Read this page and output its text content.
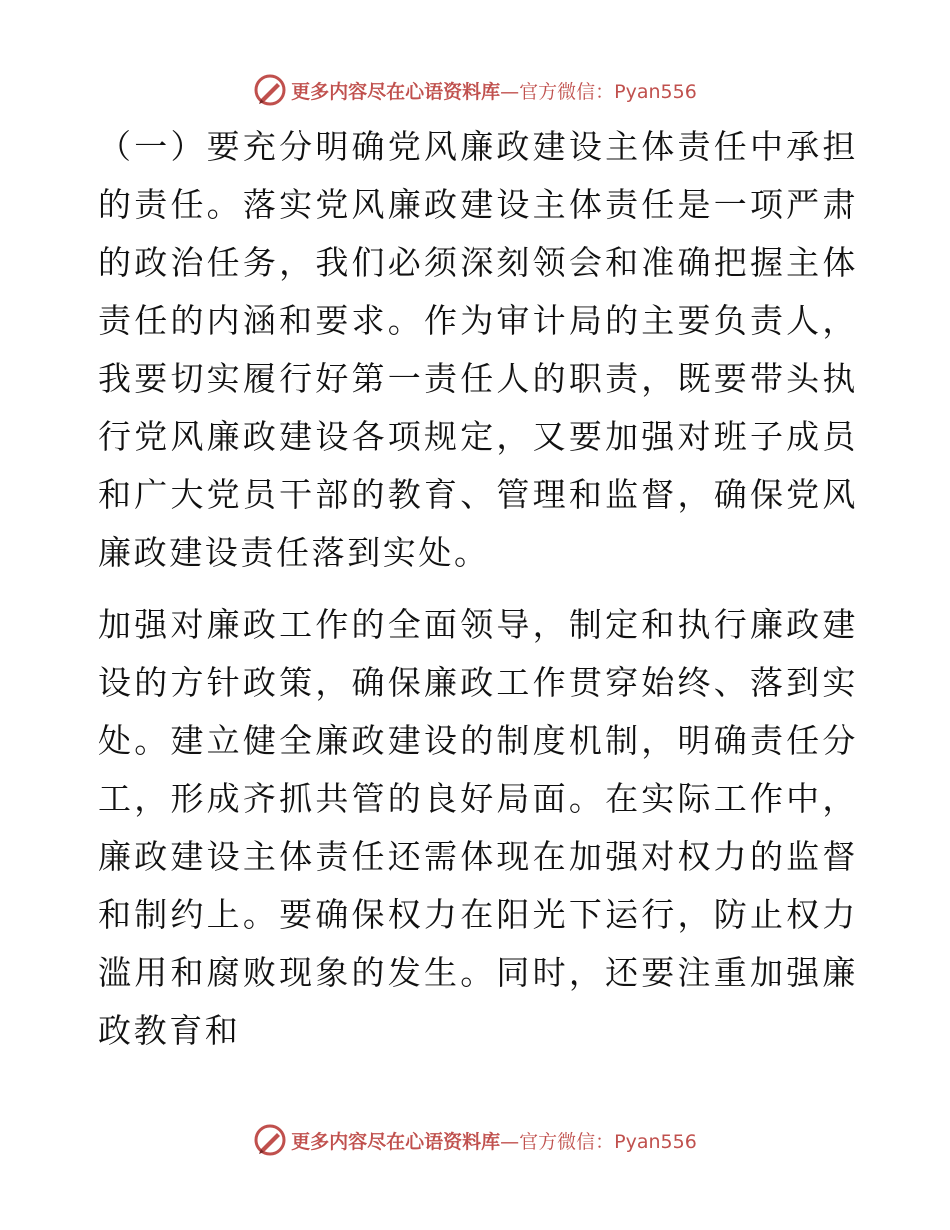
更多内容尽在心语资料库 —官方微信：Pyan556

（一）要充分明确党风廉政建设主体责任中承担的责任。落实党风廉政建设主体责任是一项严肃的政治任务，我们必须深刻领会和准确把握主体责任的内涵和要求。作为审计局的主要负责人，我要切实履行好第一责任人的职责，既要带头执行党风廉政建设各项规定，又要加强对班子成员和广大党员干部的教育、管理和监督，确保党风廉政建设责任落到实处。

加强对廉政工作的全面领导，制定和执行廉政建设的方针政策，确保廉政工作贯穿始终、落到实处。建立健全廉政建设的制度机制，明确责任分工，形成齐抓共管的良好局面。在实际工作中，廉政建设主体责任还需体现在加强对权力的监督和制约上。要确保权力在阳光下运行，防止权力滥用和腐败现象的发生。同时，还要注重加强廉政教育和

更多内容尽在心语资料库 —官方微信：Pyan556
